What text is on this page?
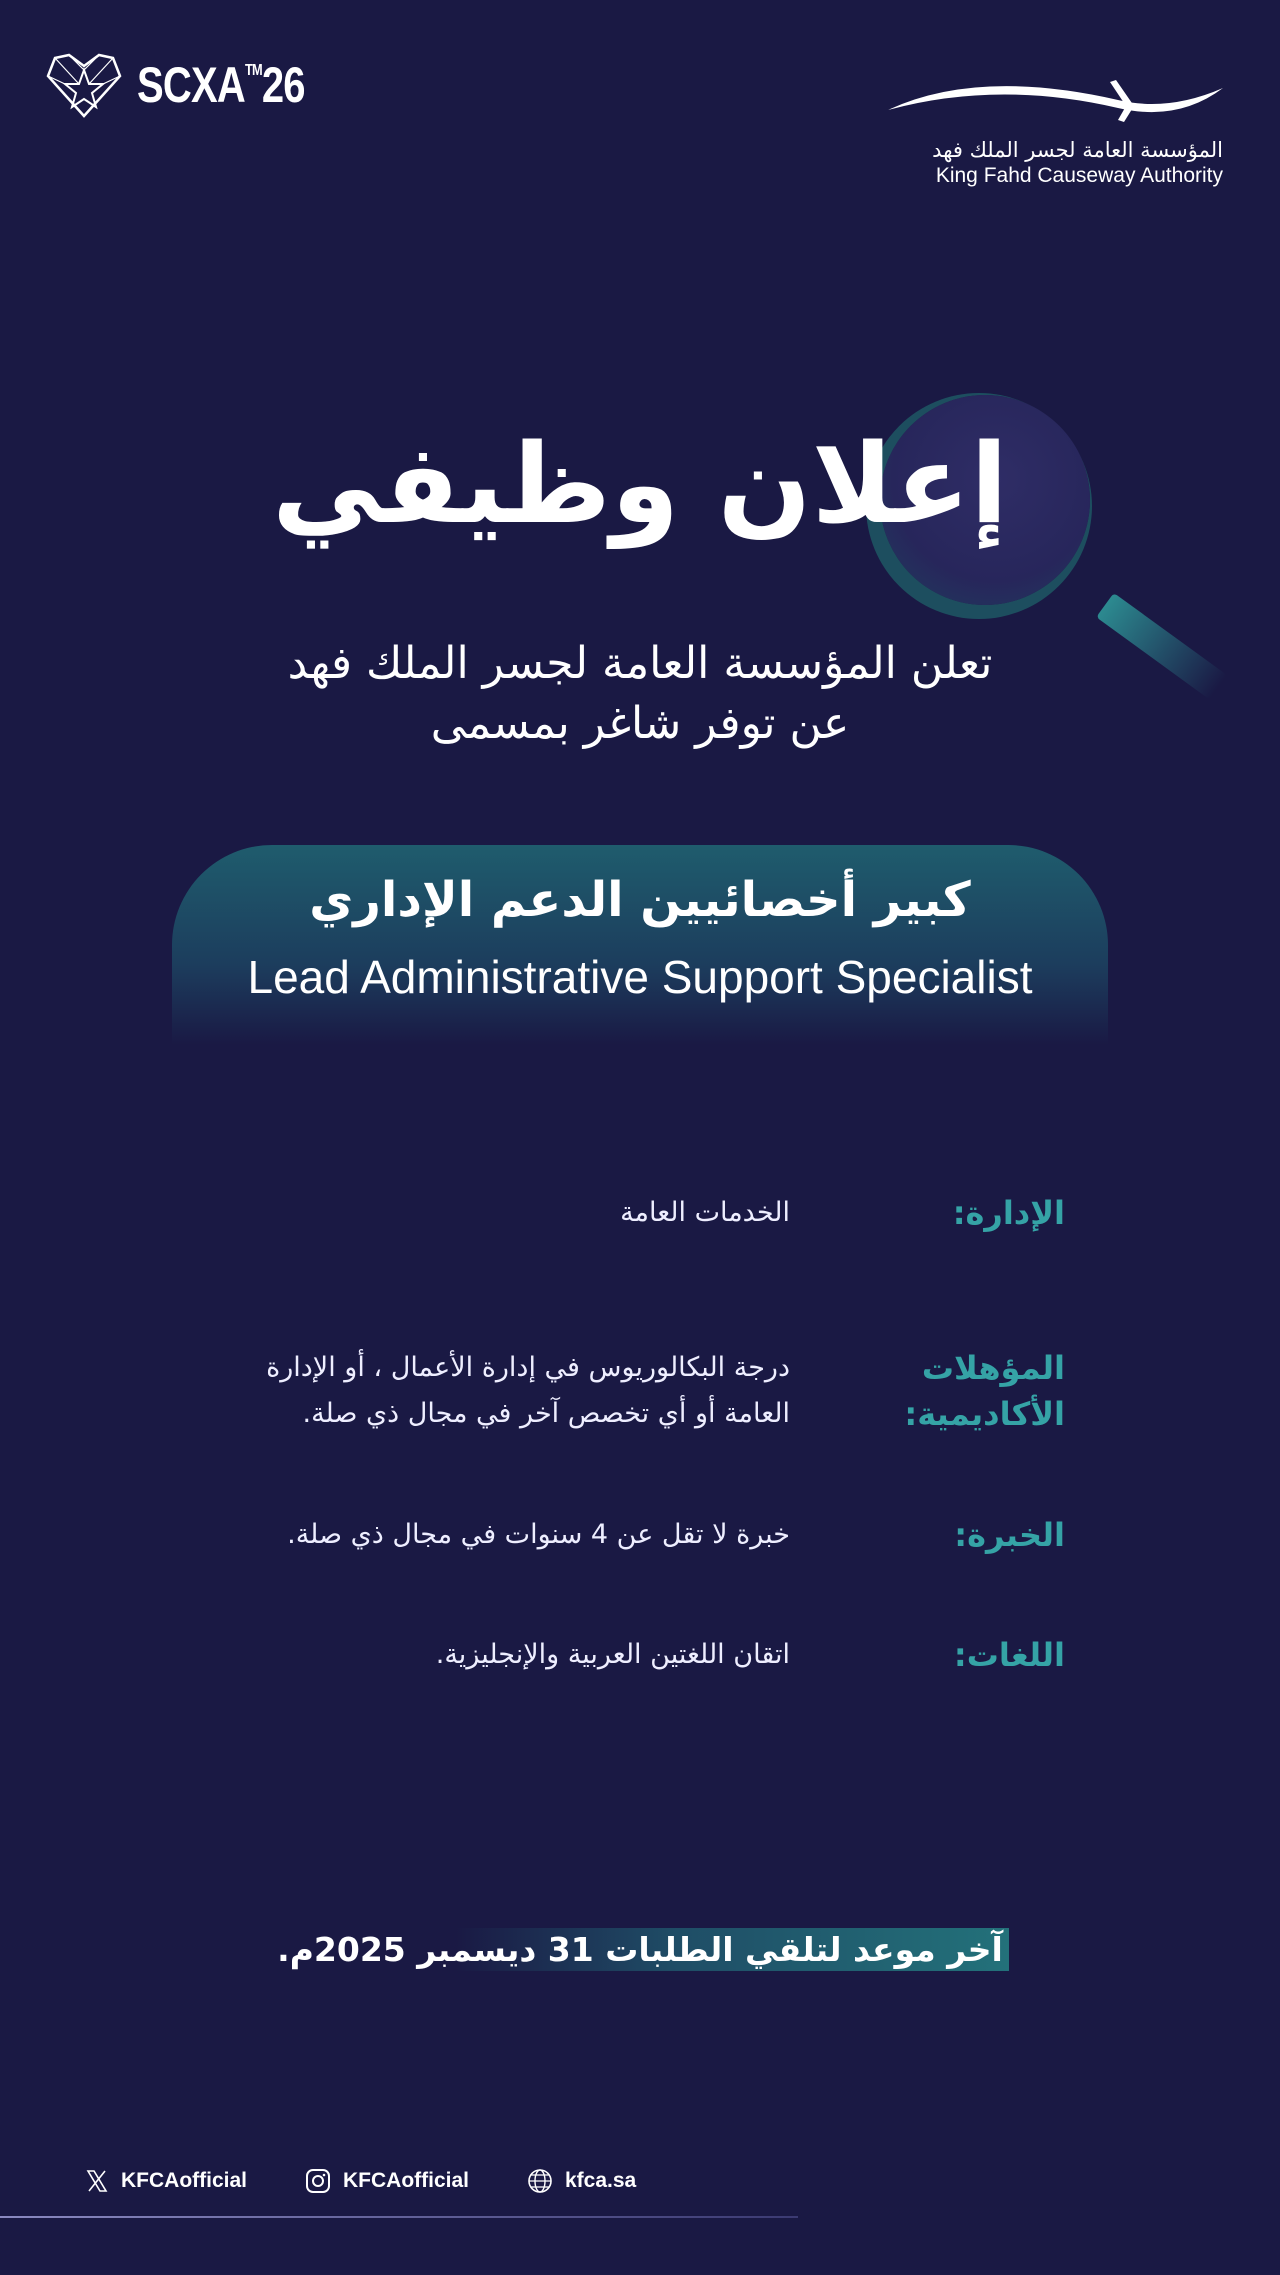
SCXA™26
المؤسسة العامة لجسر الملك فهد
King Fahd Causeway Authority
إعلان وظيفي
تعلن المؤسسة العامة لجسر الملك فهد
عن توفر شاغر بمسمى
كبير أخصائيين الدعم الإداري
Lead Administrative Support Specialist
الإدارة:
الخدمات العامة
المؤهلات الأكاديمية:
درجة البكالوريوس في إدارة الأعمال ، أو الإدارة العامة أو أي تخصص آخر في مجال ذي صلة.
الخبرة:
خبرة لا تقل عن 4 سنوات في مجال ذي صلة.
اللغات:
اتقان اللغتين العربية والإنجليزية.
آخر موعد لتلقي الطلبات 31 ديسمبر 2025م.
KFCAofficial	KFCAofficial	kfca.sa
